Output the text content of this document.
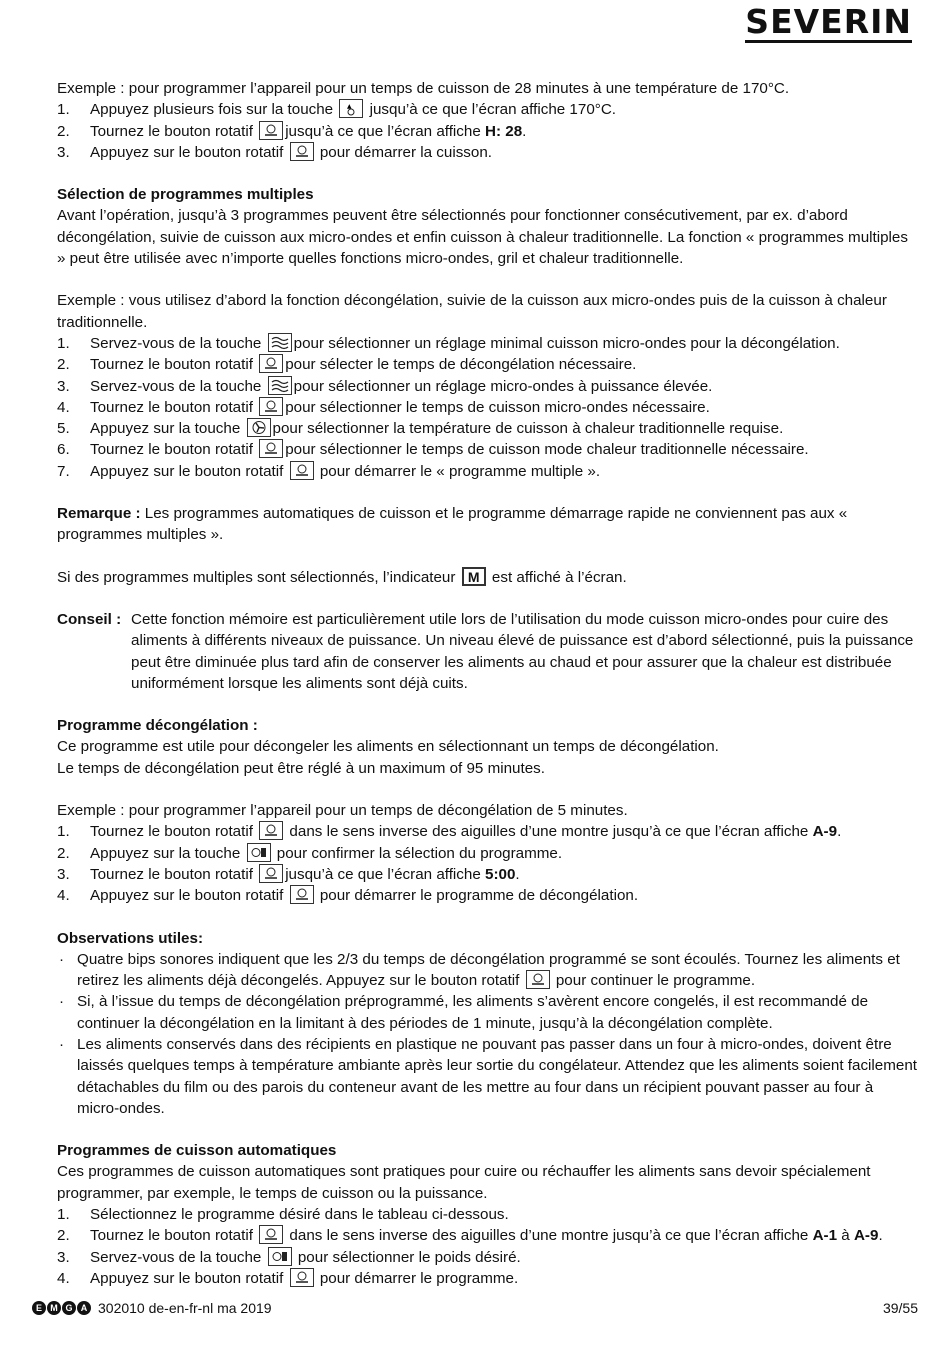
SEVERIN

Exemple : pour programmer l’appareil pour un temps de cuisson de 28 minutes à une température de 170°C.

1. Appuyez plusieurs fois sur la touche ▲ jusqu’à ce que l’écran affiche 170°C.
2. Tournez le bouton rotatif jusqu’à ce que l’écran affiche H: 28.
3. Appuyez sur le bouton rotatif pour démarrer la cuisson.

Sélection de programmes multiples

Avant l’opération, jusqu’à 3 programmes peuvent être sélectionnés pour fonctionner consécutivement, par ex. d’abord décongélation, suivie de cuisson aux micro-ondes et enfin cuisson à chaleur traditionnelle. La fonction « programmes multiples » peut être utilisée avec n’importe quelles fonctions micro-ondes, gril et chaleur traditionnelle.

Exemple : vous utilisez d’abord la fonction décongélation, suivie de la cuisson aux micro-ondes puis de la cuisson à chaleur traditionnelle.

1. Servez-vous de la touche pour sélectionner un réglage minimal cuisson micro-ondes pour la décongélation.
2. Tournez le bouton rotatif pour sélecter le temps de décongélation nécessaire.
3. Servez-vous de la touche pour sélectionner un réglage micro-ondes à puissance élevée.
4. Tournez le bouton rotatif pour sélectionner le temps de cuisson micro-ondes nécessaire.
5. Appuyez sur la touche pour sélectionner la température de cuisson à chaleur traditionnelle requise.
6. Tournez le bouton rotatif pour sélectionner le temps de cuisson mode chaleur traditionnelle nécessaire.
7. Appuyez sur le bouton rotatif pour démarrer le « programme multiple ».

Remarque : Les programmes automatiques de cuisson et le programme démarrage rapide ne conviennent pas aux « programmes multiples ».

Si des programmes multiples sont sélectionnés, l’indicateur M est affiché à l’écran.

Conseil : Cette fonction mémoire est particulièrement utile lors de l’utilisation du mode cuisson micro-ondes pour cuire des aliments à différents niveaux de puissance. Un niveau élevé de puissance est d’abord sélectionné, puis la puissance peut être diminuée plus tard afin de conserver les aliments au chaud et pour assurer que la chaleur est distribuée uniformément lorsque les aliments sont déjà cuits.

Programme décongélation :

Ce programme est utile pour décongeler les aliments en sélectionnant un temps de décongélation.

Le temps de décongélation peut être réglé à un maximum of 95 minutes.

Exemple : pour programmer l’appareil pour un temps de décongélation de 5 minutes.

1. Tournez le bouton rotatif dans le sens inverse des aiguilles d’une montre jusqu’à ce que l’écran affiche A-9.
2. Appuyez sur la touche pour confirmer la sélection du programme.
3. Tournez le bouton rotatif jusqu’à ce que l’écran affiche 5:00.
4. Appuyez sur le bouton rotatif pour démarrer le programme de décongélation.

Observations utiles:

· Quatre bips sonores indiquent que les 2/3 du temps de décongélation programmé se sont écoulés. Tournez les aliments et retirez les aliments déjà décongelés. Appuyez sur le bouton rotatif pour continuer le programme.
· Si, à l’issue du temps de décongélation préprogrammé, les aliments s’avèrent encore congelés, il est recommandé de continuer la décongélation en la limitant à des périodes de 1 minute, jusqu’à la décongélation complète.
· Les aliments conservés dans des récipients en plastique ne pouvant pas passer dans un four à micro-ondes, doivent être laissés quelques temps à température ambiante après leur sortie du congélateur. Attendez que les aliments soient facilement détachables du film ou des parois du conteneur avant de les mettre au four dans un récipient pouvant passer au four à micro-ondes.

Programmes de cuisson automatiques

Ces programmes de cuisson automatiques sont pratiques pour cuire ou réchauffer les aliments sans devoir spécialement programmer, par exemple, le temps de cuisson ou la puissance.

1. Sélectionnez le programme désiré dans le tableau ci-dessous.
2. Tournez le bouton rotatif dans le sens inverse des aiguilles d’une montre jusqu’à ce que l’écran affiche A-1 à A-9.
3. Servez-vous de la touche pour sélectionner le poids désiré.
4. Appuyez sur le bouton rotatif pour démarrer le programme.
E M G A 302010 de-en-fr-nl ma 2019	39/55
